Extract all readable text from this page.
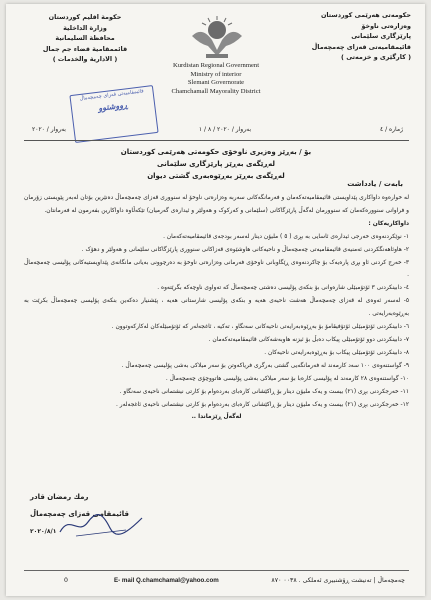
حکومەتی هەرێمی کوردستان
وەزارەتی ناوخۆ
پارێزگاری سلێمانی
قائیمقامیەتی قەزای چەمچەماڵ
( کارگێری و خزمەتی )
حكومة اقليم كوردستان
وزارة الداخلية
محافظة السليمانية
قائممقامية قضاء جم جمال
( الادارية والخدمات )
Kurdistan Regional Government
Ministry of interior
Slemani Governorate
Chamchamall Mayorality District
قائیمقامیەتی قەزای چەمچەماڵ
ڕووشتوو
ژمارە / ٤
بەروار / ٢٠٢٠ / ٨ / ١
بەروار / ٢٠٢٠
بۆ / بەڕێز وەزیری ناوخۆی حکومەتی هەرێمی کوردستان
لەڕێگەی بەڕێز پارێزگاری سلێمانی
لەڕێگەی بەڕێز بەڕێوەبەری گشتی دیوان
بابەت / یادداشت

لە خوارەوە داواکاری پێداویستی قائیمقامیەتەکەمان و فەرمانگەکانی سەربە وەزارەتی ناوخۆ لە سنووری قەزای چەمچەماڵ دەنێرین بۆتان لەبەر پێویستی زۆرمان و فراوانی سنوورەکەمان کە سنوورمان لەگەڵ پارێزگاکانی (سلێمانی و کەرکوک و هەولێر و ئیدارەی گەرمیان) تێکەڵاوە داواکارین بفەرمون لە فەرمانتان.

داواکاریەکان :

١- نوێکردنەوەی خەرجی ئیدارەی ئاسایی بە بڕی ( ٥ ) ملیۆن دینار لەسەر بودجەی قائیمقامیەتەکەمان .

٢- هاوئاهەنگکردنی ئەمنیەی قائیمقامیەتی چەمچەماڵ و ناحیەکانی هاوشێوەی قەزاکانی سنووری پارێزگاکانی سلێمانی و هەولێر و دهۆک .

٣- خەرج کردنی ئاو بڕی پارەیەک بۆ چاکردنەوەی ڕێگاوبانی ناوخۆی فەرمانی وەزارەتی ناوخۆ بە دەرچوونی بەیانی مانگانەی پێداویستیەکانی پۆلیسی چەمچەماڵ .

٤- دابینکردنی ٣ ئۆتۆمبێلی شارەوانی بۆ بنکەی پۆلیسی دەشتی چەمچەماڵ کە تەواوی ناوچەکە بگرێتەوە .

٥- لەسەر ئەوەی لە قەزای چەمچەماڵ هەشت ناحیەی هەیە و بنکەی پۆلیسی شارستانی هەیە ، پێشنیار دەکەین بنکەی پۆلیسی چەمچەماڵ بکرێت بە بەڕێوەبەرایەتی .

٦- دابینکردنی ئۆتۆمبێلی ئۆتۆفیقامۆ بۆ بەڕێوەبەرایەتی ناحیەکانی سەنگاو ، تەکیە ، ئاغجەلەر کە ئۆتۆمبێلەکان لەکارکەوتوون .

٧- دابینکردنی دوو ئۆتۆمبێلی پیکاب دەبڵ بۆ ئیزنە هاوبەشەکانی قائیمقامیەتەکەمان .

٨- دابینکردنی ئۆتۆمبێلی پیکاب بۆ بەڕێوەبەرایەتی ناحیەکان .

٩- گواستنەوەی ١٠٠ سەد کارمەند لە فەرمانگەیی گشتی بەرگری فریاکەوتن بۆ سەر میلاکی بەشی پۆلیسی چەمچەماڵ .

١٠- گواستنەوەی ٢٨ کارمەند لە پۆلیسی کارەبا بۆ سەر میلاکی بەشی پۆلیسی هاتووچۆی چەمچەماڵ .

١١- خەرجکردنی بڕی (٢١) بیست و یەک ملیۆن دینار بۆ ڕاکێشانی کارەبای بەردەوام بۆ کارتی نیشتمانی ناحیەی سەنگاو .

١٢- خەرجکردنی بڕی (٢١) بیست و یەک ملیۆن دینار بۆ ڕاکێشانی کارەبای بەردەوام بۆ کارتی نیشتمانی ناحیەی ئاغجەلەر .

لەگەڵ ڕێزماندا ..

رمك رمضان قادر
قائیمقامی قەزای چەمچەماڵ
٢٠٢٠/٨/١
0	E- mail Q.chamchamal@yahoo.com	چەمچەماڵ | تەنیشت ڕۆشنبیری ئەملکی . ٠٠٣٨ ٨٧٠
